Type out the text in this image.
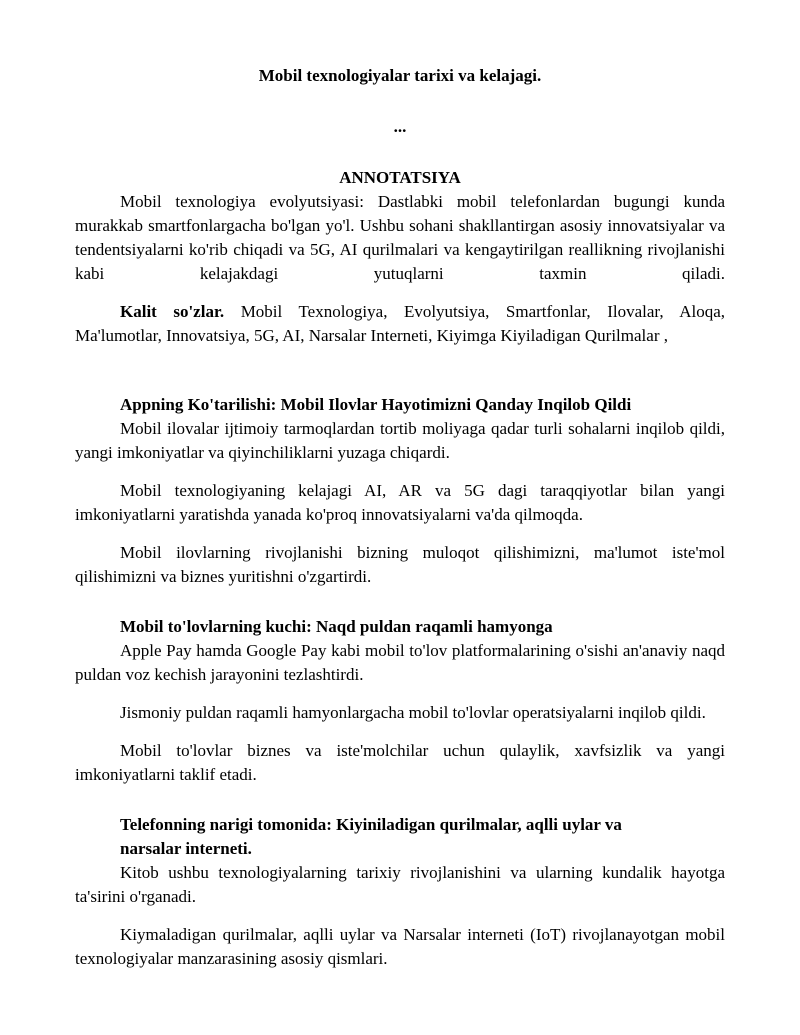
Mobil texnologiyalar tarixi va kelajagi.
...
ANNOTATSIYA

Mobil texnologiya evolyutsiyasi: Dastlabki mobil telefonlardan bugungi kunda murakkab smartfonlargacha bo'lgan yo'l. Ushbu sohani shakllantirgan asosiy innovatsiyalar va tendentsiyalarni ko'rib chiqadi va 5G, AI qurilmalari va kengaytirilgan reallikning rivojlanishi kabi kelajakdagi yutuqlarni taxmin qiladi.

Kalit so'zlar. Mobil Texnologiya, Evolyutsiya, Smartfonlar, Ilovalar, Aloqa, Ma'lumotlar, Innovatsiya, 5G, AI, Narsalar Interneti, Kiyimga Kiyiladigan Qurilmalar ,

Appning Ko'tarilishi: Mobil Ilovlar Hayotimizni Qanday Inqilob Qildi

Mobil ilovalar ijtimoiy tarmoqlardan tortib moliyaga qadar turli sohalarni inqilob qildi, yangi imkoniyatlar va qiyinchiliklarni yuzaga chiqardi.

Mobil texnologiyaning kelajagi AI, AR va 5G dagi taraqqiyotlar bilan yangi imkoniyatlarni yaratishda yanada ko'proq innovatsiyalarni va'da qilmoqda.

Mobil ilovlarning rivojlanishi bizning muloqot qilishimizni, ma'lumot iste'mol qilishimizni va biznes yuritishni o'zgartirdi.

Mobil to'lovlarning kuchi: Naqd puldan raqamli hamyonga

Apple Pay hamda Google Pay kabi mobil to'lov platformalarining o'sishi an'anaviy naqd puldan voz kechish jarayonini tezlashtirdi.

Jismoniy puldan raqamli hamyonlargacha mobil to'lovlar operatsiyalarni inqilob qildi.

Mobil to'lovlar biznes va iste'molchilar uchun qulaylik, xavfsizlik va yangi imkoniyatlarni taklif etadi.

Telefonning narigi tomonida: Kiyiniladigan qurilmalar, aqlli uylar va narsalar interneti.

Kitob ushbu texnologiyalarning tarixiy rivojlanishini va ularning kundalik hayotga ta'sirini o'rganadi.

Kiymaladigan qurilmalar, aqlli uylar va Narsalar interneti (IoT) rivojlanayotgan mobil texnologiyalar manzarasining asosiy qismlari.
